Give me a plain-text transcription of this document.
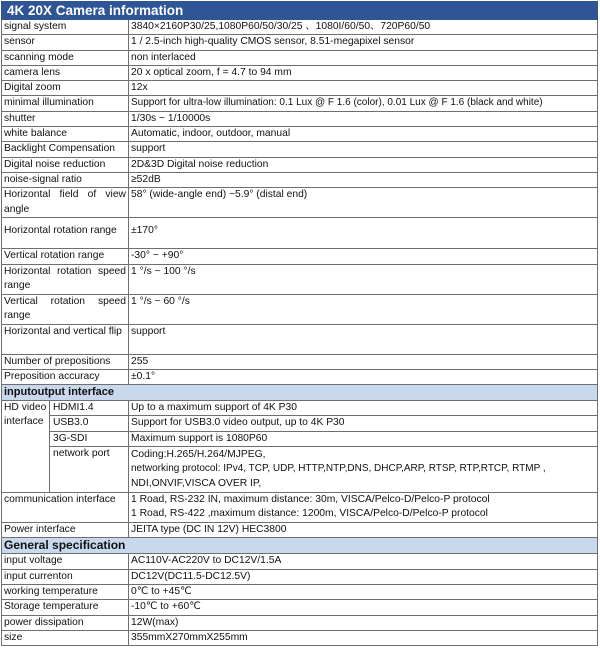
4K 20X Camera information		
signal system		3840×2160P30/25,1080P60/50/30/25 、1080I/60/50、720P60/50
sensor		1 / 2.5-inch high-quality CMOS sensor, 8.51-megapixel sensor
scanning mode		non interlaced
camera lens		20 x optical zoom, f = 4.7 to 94 mm
Digital zoom		12x
minimal illumination		Support for ultra-low illumination: 0.1 Lux @ F 1.6 (color), 0.01 Lux @ F 1.6 (black and white)
shutter		1/30s ~ 1/10000s
white balance		Automatic, indoor, outdoor, manual
Backlight Compensation		support
Digital noise reduction		2D&3D Digital noise reduction
noise-signal ratio		≥52dB
Horizontal field of view angle		58° (wide-angle end) ~5.9° (distal end)
Horizontal rotation range		±170°
Vertical rotation range		-30° ~ +90°
Horizontal rotation speed range		1 °/s ~ 100 °/s
Vertical rotation speed range		1 °/s ~ 60 °/s
Horizontal and vertical flip		support
Number of prepositions		255
Preposition accuracy		±0.1°
inputoutput interface		
HD video interface	HDMI1.4	Up to a maximum support of 4K P30
	USB3.0	Support for USB3.0 video output, up to 4K P30
	3G-SDI	Maximum support is 1080P60
	network port	Coding:H.265/H.264/MJPEG,
networking protocol: IPv4, TCP, UDP, HTTP,NTP,DNS, DHCP,ARP, RTSP, RTP,RTCP, RTMP ,
NDI,ONVIF,VISCA OVER IP,

communication interface		1 Road, RS-232 IN, maximum distance: 30m, VISCA/Pelco-D/Pelco-P protocol
1 Road, RS-422 ,maximum distance: 1200m, VISCA/Pelco-D/Pelco-P protocol

Power interface		JEITA type (DC IN 12V) HEC3800
General specification		
input voltage		AC110V-AC220V to DC12V/1.5A
input currenton		DC12V(DC11.5-DC12.5V)
working temperature		0℃ to +45℃
Storage temperature		-10℃ to +60℃
power dissipation		12W(max)
size		355mmX270mmX255mm
